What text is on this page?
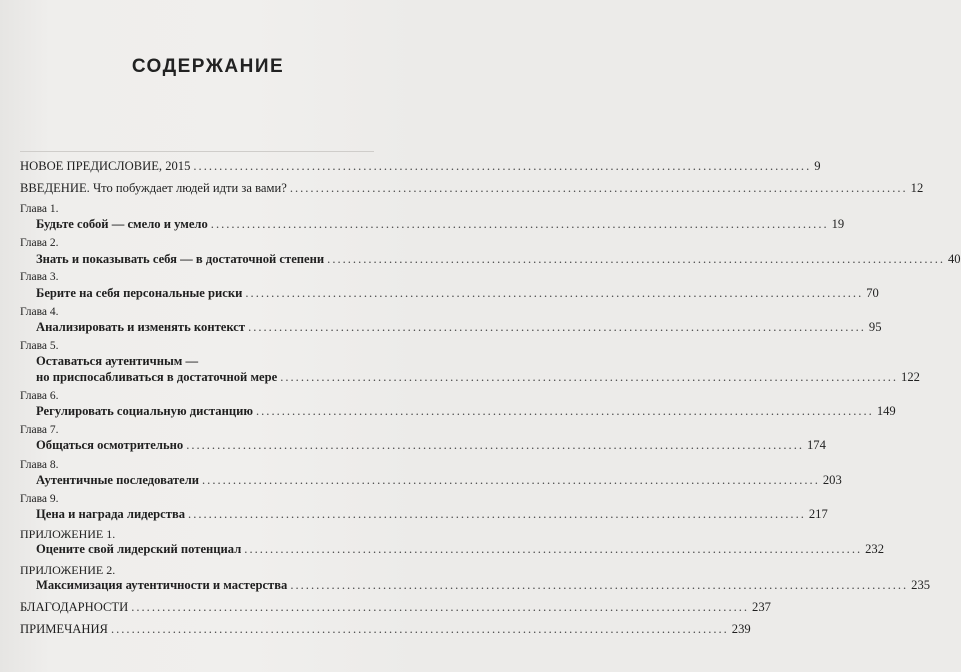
СОДЕРЖАНИЕ
НОВОЕ ПРЕДИСЛОВИЕ, 2015 ........................................................................................................................ 9
ВВЕДЕНИЕ. Что побуждает людей идти за вами? ........................................................................................................................ 12
Глава 1.
Будьте собой — смело и умело ........................................................................................................................ 19
Глава 2.
Знать и показывать себя — в достаточной степени ........................................................................................................................ 40
Глава 3.
Берите на себя персональные риски ........................................................................................................................ 70
Глава 4.
Анализировать и изменять контекст ........................................................................................................................ 95
Глава 5.
Оставаться аутентичным —
но приспосабливаться в достаточной мере ........................................................................................................................ 122
Глава 6.
Регулировать социальную дистанцию ........................................................................................................................ 149
Глава 7.
Общаться осмотрительно ........................................................................................................................ 174
Глава 8.
Аутентичные последователи ........................................................................................................................ 203
Глава 9.
Цена и награда лидерства ........................................................................................................................ 217
ПРИЛОЖЕНИЕ 1.
Оцените свой лидерский потенциал ........................................................................................................................ 232
ПРИЛОЖЕНИЕ 2.
Максимизация аутентичности и мастерства ........................................................................................................................ 235
БЛАГОДАРНОСТИ ........................................................................................................................ 237
ПРИМЕЧАНИЯ ........................................................................................................................ 239
